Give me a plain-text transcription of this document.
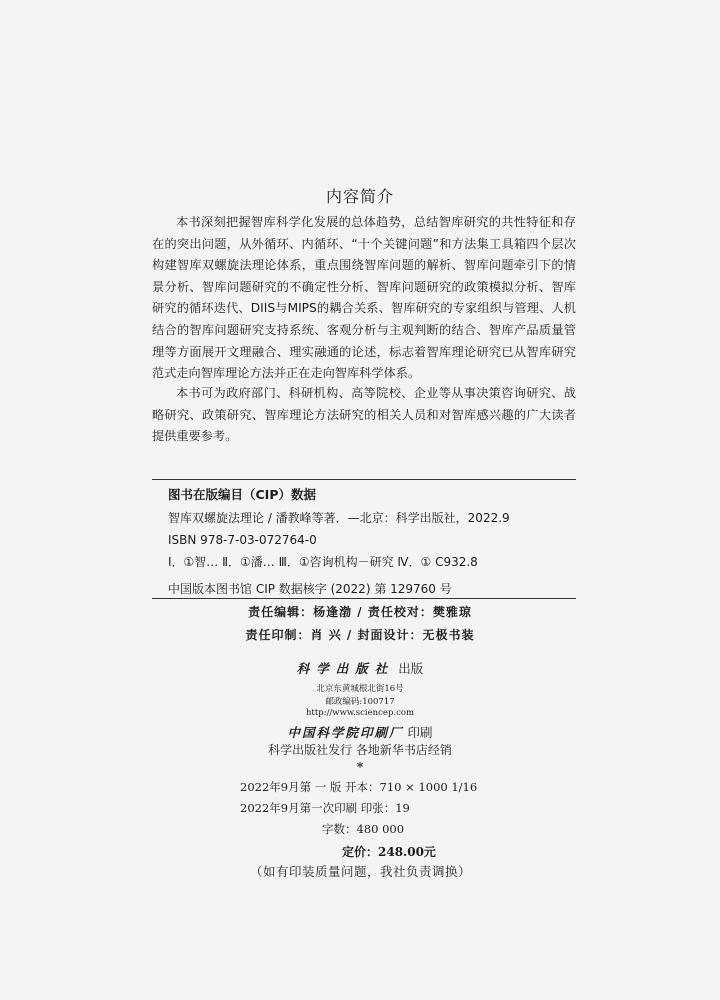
内容简介
本书深刻把握智库科学化发展的总体趋势，总结智库研究的共性特征和存在的突出问题，从外循环、内循环、“十个关键问题”和方法集工具箱四个层次构建智库双螺旋法理论体系，重点围绕智库问题的解析、智库问题牵引下的情景分析、智库问题研究的不确定性分析、智库问题研究的政策模拟分析、智库研究的循环迭代、DIIS与MIPS的耦合关系、智库研究的专家组织与管理、人机结合的智库问题研究支持系统、客观分析与主观判断的结合、智库产品质量管理等方面展开文理融合、理实融通的论述，标志着智库理论研究已从智库研究范式走向智库理论方法并正在走向智库科学体系。
本书可为政府部门、科研机构、高等院校、企业等从事决策咨询研究、战略研究、政策研究、智库理论方法研究的相关人员和对智库感兴趣的广大读者提供重要参考。
图书在版编目（CIP）数据
智库双螺旋法理论 / 潘教峰等著．—北京：科学出版社，2022.9
ISBN 978-7-03-072764-0
Ⅰ．①智… Ⅱ．①潘… Ⅲ．①咨询机构－研究 Ⅳ．① C932.8
中国版本图书馆 CIP 数据核字 (2022) 第 129760 号
责任编辑：杨逢渤 / 责任校对：樊雅琼
责任印制：肖 兴 / 封面设计：无极书装
科学出版社 出版
北京东黄城根北街16号
邮政编码:100717
http://www.sciencep.com
中国科学院印刷厂 印刷
科学出版社发行 各地新华书店经销
*
2022年9月第 一 版 开本：710 × 1000 1/16
2022年9月第一次印刷 印张：19
字数：480 000
定价：248.00元
（如有印装质量问题，我社负责调换）
